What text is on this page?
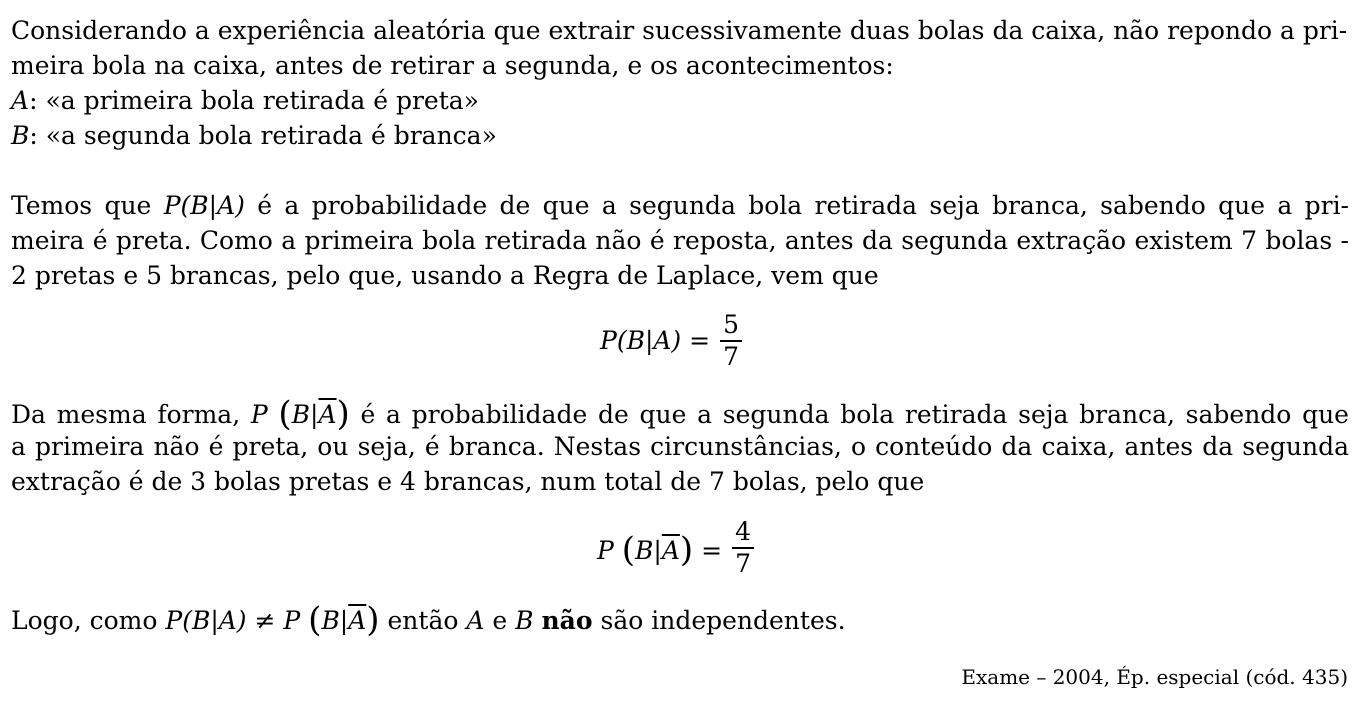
Considerando a experiência aleatória que extrair sucessivamente duas bolas da caixa, não repondo a pri-
meira bola na caixa, antes de retirar a segunda, e os acontecimentos:
A: «a primeira bola retirada é preta»
B: «a segunda bola retirada é branca»
Temos que P(B|A) é a probabilidade de que a segunda bola retirada seja branca, sabendo que a pri-
meira é preta. Como a primeira bola retirada não é reposta, antes da segunda extração existem 7 bolas -
2 pretas e 5 brancas, pelo que, usando a Regra de Laplace, vem que
$P(B|A) = \frac{5}{7}$
Da mesma forma, P $(B|\overline{A})$ é a probabilidade de que a segunda bola retirada seja branca, sabendo que
a primeira não é preta, ou seja, é branca. Nestas circunstâncias, o conteúdo da caixa, antes da segunda
extração é de 3 bolas pretas e 4 brancas, num total de 7 bolas, pelo que
P $(B|\overline{A}) = \frac{4}{7}$
Logo, como P(B|A) ≠ P $(B|\overline{A})$ então A e B não são independentes.
Exame – 2004, Ép. especial (cód. 435)
